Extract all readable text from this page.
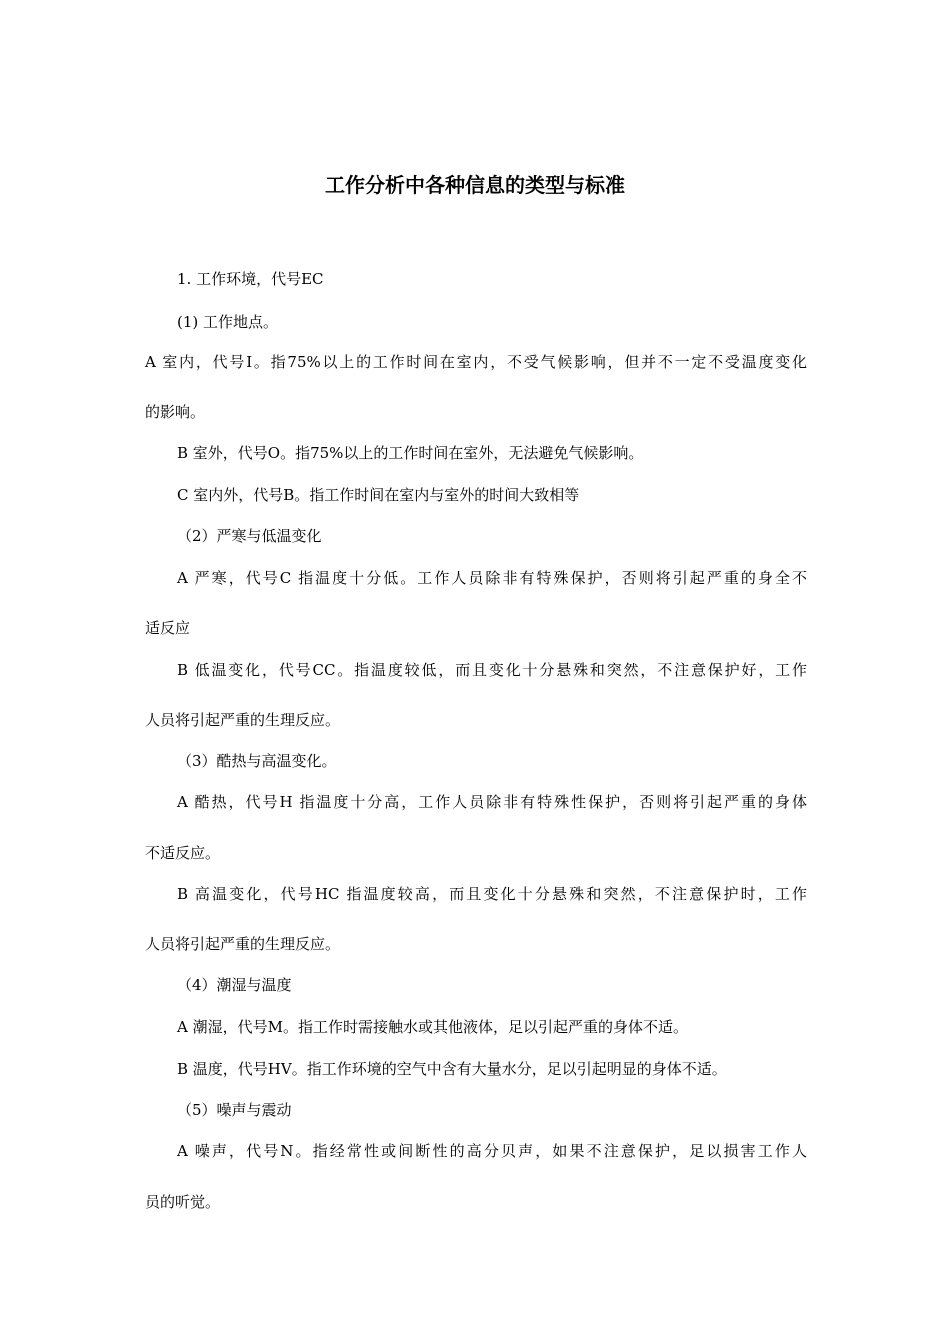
工作分析中各种信息的类型与标准

1. 工作环境，代号EC

(1) 工作地点。

A 室内，代号I。指75%以上的工作时间在室内，不受气候影响，但并不一定不受温度变化

的影响。

B 室外，代号O。指75%以上的工作时间在室外，无法避免气候影响。

C 室内外，代号B。指工作时间在室内与室外的时间大致相等

（2）严寒与低温变化

A 严寒，代号C 指温度十分低。工作人员除非有特殊保护，否则将引起严重的身全不

适反应

B 低温变化，代号CC。指温度较低，而且变化十分悬殊和突然，不注意保护好，工作

人员将引起严重的生理反应。

（3）酷热与高温变化。

A 酷热，代号H 指温度十分高，工作人员除非有特殊性保护，否则将引起严重的身体

不适反应。

B 高温变化，代号HC 指温度较高，而且变化十分悬殊和突然，不注意保护时，工作

人员将引起严重的生理反应。

（4）潮湿与温度

A 潮湿，代号M。指工作时需接触水或其他液体，足以引起严重的身体不适。

B 温度，代号HV。指工作环境的空气中含有大量水分，足以引起明显的身体不适。

（5）噪声与震动

A 噪声，代号N。指经常性或间断性的高分贝声，如果不注意保护，足以损害工作人

员的听觉。
